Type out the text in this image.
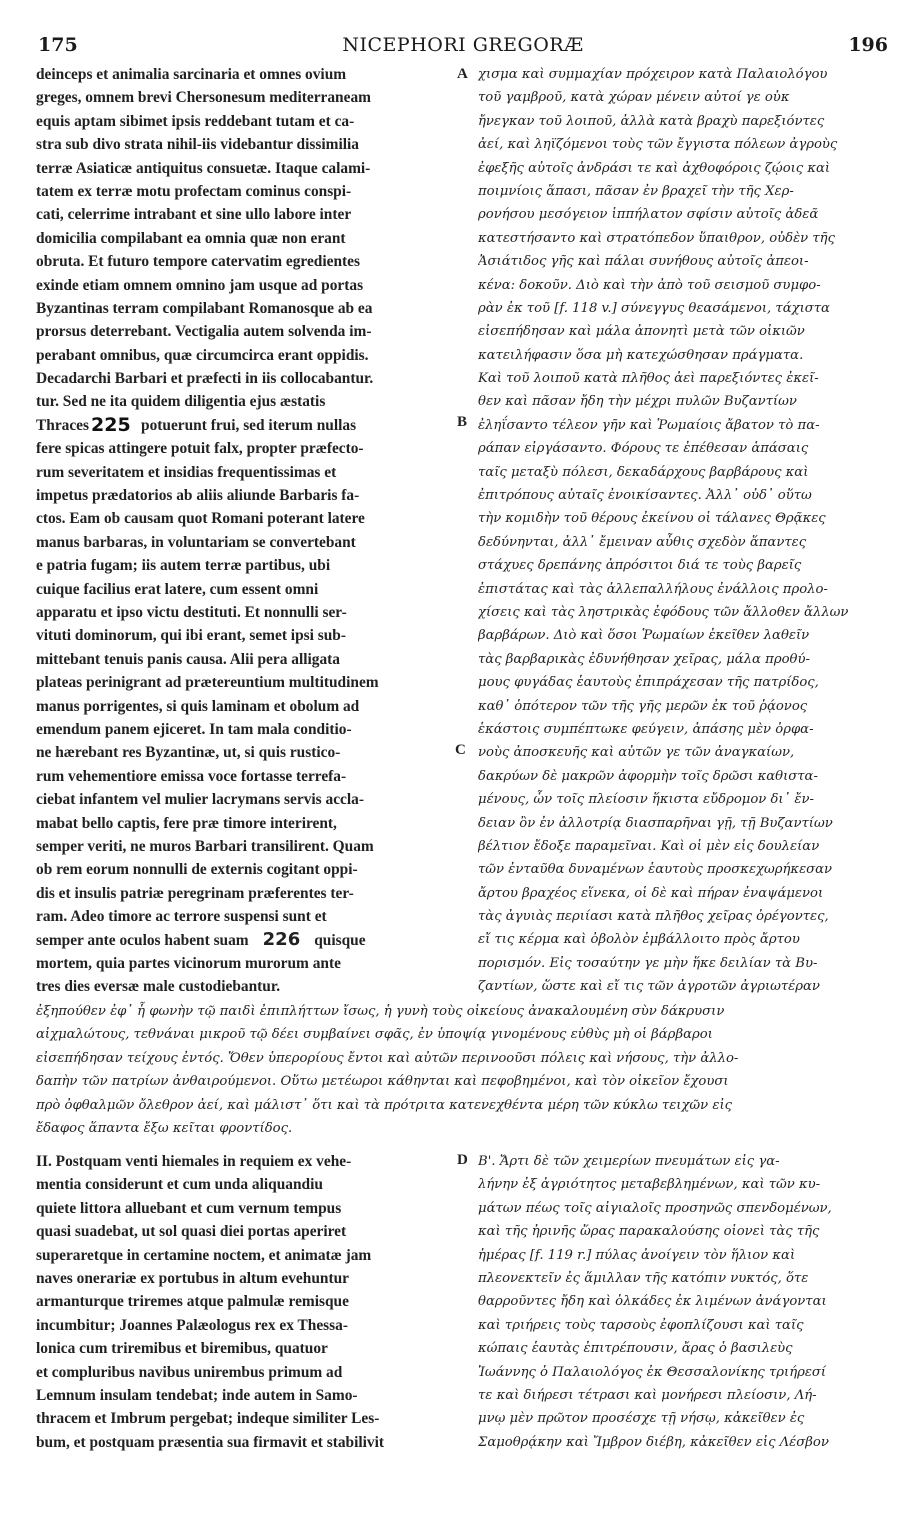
175	NICEPHORI GREGORÆ	196
A
B
C
D
deinceps et animalia sarcinaria et omnes ovium
greges, omnem brevi Chersonesum mediterraneam
equis aptam sibimet ipsis reddebant tutam et ca-
stra sub divo strata nihil-iis videbantur dissimilia
terræ Asiaticæ antiquitus consuetæ. Itaque calami-
tatem ex terræ motu profectam cominus conspi-
cati, celerrime intrabant et sine ullo labore inter
domicilia compilabant ea omnia quæ non erant
obruta. Et futuro tempore catervatim egredientes
exinde etiam omnem omnino jam usque ad portas
Byzantinas terram compilabant Romanosque ab ea
prorsus deterrebant. Vectigalia autem solvenda im-
perabant omnibus, quæ circumcirca erant oppidis.
Decadarchi Barbari et præfecti in iis collocabantur.
tur. Sed ne ita quidem diligentia ejus æstatis
Thraces	potuerunt frui, sed iterum nullas
fere spicas attingere potuit falx, propter præfecto-
rum severitatem et insidias frequentissimas et
impetus prædatorios ab aliis aliunde Barbaris fa-
ctos. Eam ob causam quot Romani poterant latere
manus barbaras, in voluntariam se convertebant
e patria fugam; iis autem terræ partibus, ubi
cuique facilius erat latere, cum essent omni
apparatu et ipso victu destituti. Et nonnulli ser-
vituti dominorum, qui ibi erant, semet ipsi sub-
mittebant tenuis panis causa. Alii pera alligata
plateas perinigrant ad prætereuntium multitudinem
manus porrigentes, si quis laminam et obolum ad
emendum panem ejiceret. In tam mala conditio-
ne hærebant res Byzantinæ, ut, si quis rustico-
rum vehementiore emissa voce fortasse terrefa-
ciebat infantem vel mulier lacrymans servis accla-
mabat bello captis, fere præ timore interirent,
semper veriti, ne muros Barbari transilirent. Quam
ob rem eorum nonnulli de externis cogitant oppi-
dis et insulis patriæ peregrinam præferentes ter-
ram. Adeo timore ac terrore suspensi sunt et
semper ante oculos habent suam 226 quisque
mortem, quia partes vicinorum murorum ante
tres dies eversæ male custodiebantur.
χισμα καὶ συμμαχίαν πρόχειρον κατὰ Παλαιολόγου
τοῦ γαμβροῦ, κατὰ χώραν μένειν αὐτοί γε οὐκ
ἤνεγκαν τοῦ λοιποῦ, ἀλλὰ κατὰ βραχὺ παρεξιόντες
ἀεί, καὶ ληϊζόμενοι τοὺς τῶν ἔγγιστα πόλεων ἀγροὺς
ἐφεξῆς αὐτοῖς ἀνδράσι τε καὶ ἀχθοφόροις ζῴοις καὶ
ποιμνίοις ἅπασι, πᾶσαν ἐν βραχεῖ τὴν τῆς Χερ-
ρονήσου μεσόγειον ἱππήλατον σφίσιν αὐτοῖς ἀδεᾶ
κατεστήσαντο καὶ στρατόπεδον ὕπαιθρον, οὐδὲν τῆς
Ἀσιάτιδος γῆς καὶ πάλαι συνήθους αὐτοῖς ἀπεοι-
κένα: δοκοῦν. Διὸ καὶ τὴν ἀπὸ τοῦ σεισμοῦ συμφο-
ρὰν ἐκ τοῦ [f. 118 v.] σύνεγγυς θεασάμενοι, τάχιστα
εἰσεπήδησαν καὶ μάλα ἀπονητὶ μετὰ τῶν οἰκιῶν
κατειλήφασιν ὅσα μὴ κατεχώσθησαν πράγματα.
Καὶ τοῦ λοιποῦ κατὰ πλῆθος ἀεὶ παρεξιόντες ἐκεῖ-
θεν καὶ πᾶσαν ἤδη τὴν μέχρι πυλῶν Βυζαντίων
ἐληΐσαντο τέλεον γῆν καὶ Ῥωμαίοις ἄβατον τὸ πα-
ράπαν εἰργάσαντο. Φόρους τε ἐπέθεσαν ἁπάσαις
ταῖς μεταξὺ πόλεσι, δεκαδάρχους βαρβάρους καὶ
ἐπιτρόπους αὐταῖς ἐνοικίσαντες. Ἀλλ᾽ οὐδ᾽ οὕτω
τὴν κομιδὴν τοῦ θέρους ἐκείνου οἱ τάλανες Θρᾷκες
δεδύνηνται, ἀλλ᾽ ἔμειναν αὖθις σχεδὸν ἅπαντες
στάχυες δρεπάνης ἀπρόσιτοι διά τε τοὺς βαρεῖς
ἐπιστάτας καὶ τὰς ἀλλεπαλλήλους ἐνάλλοις προλο-
χίσεις καὶ τὰς ληστρικὰς ἐφόδους τῶν ἄλλοθεν ἄλλων
βαρβάρων. Διὸ καὶ ὅσοι Ῥωμαίων ἐκεῖθεν λαθεῖν
τὰς βαρβαρικὰς ἐδυνήθησαν χεῖρας, μάλα προθύ-
μους φυγάδας ἑαυτοὺς ἐπιπράχεσαν τῆς πατρίδος,
καθ᾽ ὁπότερον τῶν τῆς γῆς μερῶν ἐκ τοῦ ῥᾴονος
ἑκάστοις συμπέπτωκε φεύγειν, ἁπάσης μὲν ὀρφα-
νοὺς ἀποσκευῆς καὶ αὐτῶν γε τῶν ἀναγκαίων,
δακρύων δὲ μακρῶν ἀφορμὴν τοῖς δρῶσι καθιστα-
μένους, ὧν τοῖς πλείοσιν ἥκιστα εὔδρομον δι᾽ ἔν-
δειαν ὂν ἐν ἀλλοτρίᾳ διασπαρῆναι γῇ, τῇ Βυζαντίων
βέλτιον ἔδοξε παραμεῖναι. Καὶ οἱ μὲν εἰς δουλείαν
τῶν ἐνταῦθα δυναμένων ἑαυτοὺς προσκεχωρήκεσαν
ἄρτου βραχέος εἵνεκα, οἱ δὲ καὶ πήραν ἐναψάμενοι
τὰς ἀγυιὰς περιίασι κατὰ πλῆθος χεῖρας ὀρέγοντες,
εἴ τις κέρμα καὶ ὀβολὸν ἐμβάλλοιτο πρὸς ἄρτου
πορισμόν. Εἰς τοσαύτην γε μὴν ἥκε δειλίαν τὰ Βυ-
ζαντίων, ὥστε καὶ εἴ τις τῶν ἀγροτῶν ἀγριωτέραν
225
ἐξηπούθεν ἐφ᾽ ἧ φωνὴν τῷ παιδὶ ἐπιπλήττων ἴσως, ἡ γυνὴ τοὺς οἰκείους ἀνακαλουμένη σὺν δάκρυσιν
αἰχμαλώτους, τεθνάναι μικροῦ τῷ δέει συμβαίνει σφᾶς, ἐν ὑποψίᾳ γινομένους εὐθὺς μὴ οἱ βάρβαροι
εἰσεπήδησαν τείχους ἐντός. Ὅθεν ὑπερορίους ἔντοι καὶ αὐτῶν περινοοῦσι πόλεις καὶ νήσους, τὴν ἀλλο-
δαπὴν τῶν πατρίων ἀνθαιρούμενοι. Οὕτω μετέωροι κάθηνται καὶ πεφοβημένοι, καὶ τὸν οἰκεῖον ἔχουσι
πρὸ ὀφθαλμῶν ὄλεθρον ἀεί, καὶ μάλιστ᾽ ὅτι καὶ τὰ πρότριτα κατενεχθέντα μέρη τῶν κύκλω τειχῶν εἰς
ἔδαφος ἅπαντα ἔξω κεῖται φροντίδος.
II. Postquam venti hiemales in requiem ex vehe-
mentia considerunt et cum unda aliquandiu
quiete littora alluebant et cum vernum tempus
quasi suadebat, ut sol quasi diei portas aperiret
superaretque in certamine noctem, et animatæ jam
naves onerariæ ex portubus in altum evehuntur
armanturque triremes atque palmulæ remisque
incumbitur; Joannes Palæologus rex ex Thessa-
lonica cum triremibus et biremibus, quatuor
et compluribus navibus unirembus primum ad
Lemnum insulam tendebat; inde autem in Samo-
thracem et Imbrum pergebat; indeque similiter Les-
bum, et postquam præsentia sua firmavit et stabilivit
Β'. Ἄρτι δὲ τῶν χειμερίων πνευμάτων εἰς γα-
λήνην ἐξ ἀγριότητος μεταβεβλημένων, καὶ τῶν κυ-
μάτων πέως τοῖς αἰγιαλοῖς προσηνῶς σπενδομένων,
καὶ τῆς ἠρινῆς ὥρας παρακαλούσης οἱονεὶ τὰς τῆς
ἡμέρας [f. 119 r.] πύλας ἀνοίγειν τὸν ἥλιον καὶ
πλεονεκτεῖν ἐς ἅμιλλαν τῆς κατόπιν νυκτός, ὅτε
θαρροῦντες ἤδη καὶ ὁλκάδες ἐκ λιμένων ἀνάγονται
καὶ τριήρεις τοὺς ταρσοὺς ἐφοπλίζουσι καὶ ταῖς
κώπαις ἑαυτὰς ἐπιτρέπουσιν, ἄρας ὁ βασιλεὺς
Ἰωάννης ὁ Παλαιολόγος ἐκ Θεσσαλονίκης τριήρεσί
τε καὶ διήρεσι τέτρασι καὶ μονήρεσι πλείοσιν, Λή-
μνῳ μὲν πρῶτον προσέσχε τῇ νήσῳ, κἀκεῖθεν ἐς
Σαμοθρᾴκην καὶ Ἴμβρον διέβη, κἀκεῖθεν εἰς Λέσβον
